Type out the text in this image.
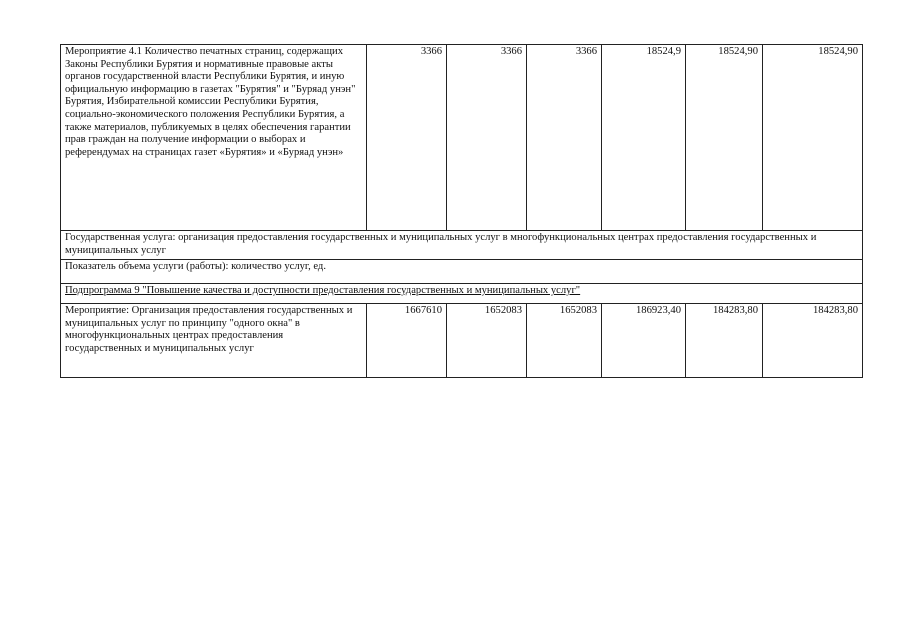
Мероприятие 4.1 Количество печатных страниц, содержащих Законы Республики Бурятия и нормативные правовые акты органов государственной власти Республики Бурятия, и иную официальную информацию в газетах "Бурятия" и "Буряад унэн" Бурятия, Избирательной комиссии Республики Бурятия, социально-экономического положения Республики Бурятия, а также материалов, публикуемых в целях обеспечения гарантии прав граждан на получение информации о выборах и референдумах на страницах газет «Бурятия» и «Буряад унэн»	3366	3366	3366	18524,9	18524,90	18524,90
Государственная услуга: организация предоставления государственных и муниципальных услуг в многофункциональных центрах предоставления государственных и муниципальных услуг						
Показатель объема услуги (работы): количество услуг, ед.						
Подпрограмма 9 "Повышение качества и доступности предоставления государственных и муниципальных услуг"						
Мероприятие: Организация предоставления государственных и муниципальных услуг по принципу "одного окна" в многофункциональных центрах предоставления государственных и муниципальных услуг	1667610	1652083	1652083	186923,40	184283,80	184283,80
